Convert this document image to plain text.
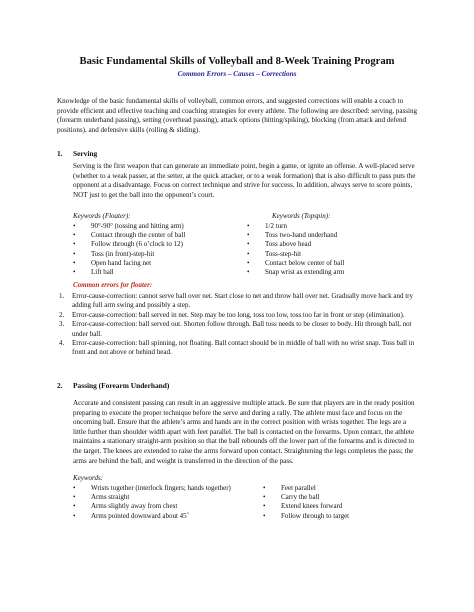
Basic Fundamental Skills of Volleyball and 8-Week Training Program
Common Errors – Causes – Corrections
Knowledge of the basic fundamental skills of volleyball, common errors, and suggested corrections will enable a coach to provide efficient and effective teaching and coaching strategies for every athlete. The following are described: serving, passing (forearm underhand passing), setting (overhead passing), attack options (hitting/spiking), blocking (from attack and defend positions), and defensive skills (rolling & sliding).
1. Serving
Serving is the first weapon that can generate an immediate point, begin a game, or ignite an offense. A well-placed serve (whether to a weak passer, at the setter, at the quick attacker, or to a weak formation) that is also difficult to pass puts the opponent at a disadvantage. Focus on correct technique and strive for success. In addition, always serve to score points, NOT just to get the ball into the opponent’s court.
Keywords (Floater):	Keywords (Topspin):
• 90°-90° (tossing and hitting arm)
• Contact through the center of ball
• Follow through (6 o’clock to 12)
• Toss (in front)-step-hit
• Open hand facing net
• Lift ball
• 1/2 turn
• Toss two-hand underhand
• Toss above head
• Toss-step-hit
• Contact below center of ball
• Snap wrist as extending arm
Common errors for floater:
1. Error-cause-correction: cannot serve ball over net. Start close to net and throw ball over net. Gradually move back and try adding full arm swing and possibly a step.
2. Error-cause-correction: ball served in net. Step may be too long, toss too low, toss too far in front or step (elimination).
3. Error-cause-correction: ball served out. Shorten follow through. Ball toss needs to be closer to body. Hit through ball, not under ball.
4. Error-cause-correction: ball spinning, not floating. Ball contact should be in middle of ball with no wrist snap. Toss ball in front and not above or behind head.
2. Passing (Forearm Underhand)
Accurate and consistent passing can result in an aggressive multiple attack. Be sure that players are in the ready position preparing to execute the proper technique before the serve and during a rally. The athlete must face and focus on the oncoming ball. Ensure that the athlete’s arms and hands are in the correct position with wrists together. The legs are a little further than shoulder width apart with feet parallel. The ball is contacted on the forearms. Upon contact, the athlete maintains a stationary straight-arm position so that the ball rebounds off the lower part of the forearms and is directed to the target. The knees are extended to raise the arms forward upon contact. Straightening the legs completes the pass; the arms are behind the ball, and weight is transferred in the direction of the pass.
Keywords:
• Wrists together (interlock fingers; hands together)
• Arms straight
• Arms slightly away from chest
• Arms pointed downward about 45˚
• Feet parallel
• Carry the ball
• Extend knees forward
• Follow through to target
